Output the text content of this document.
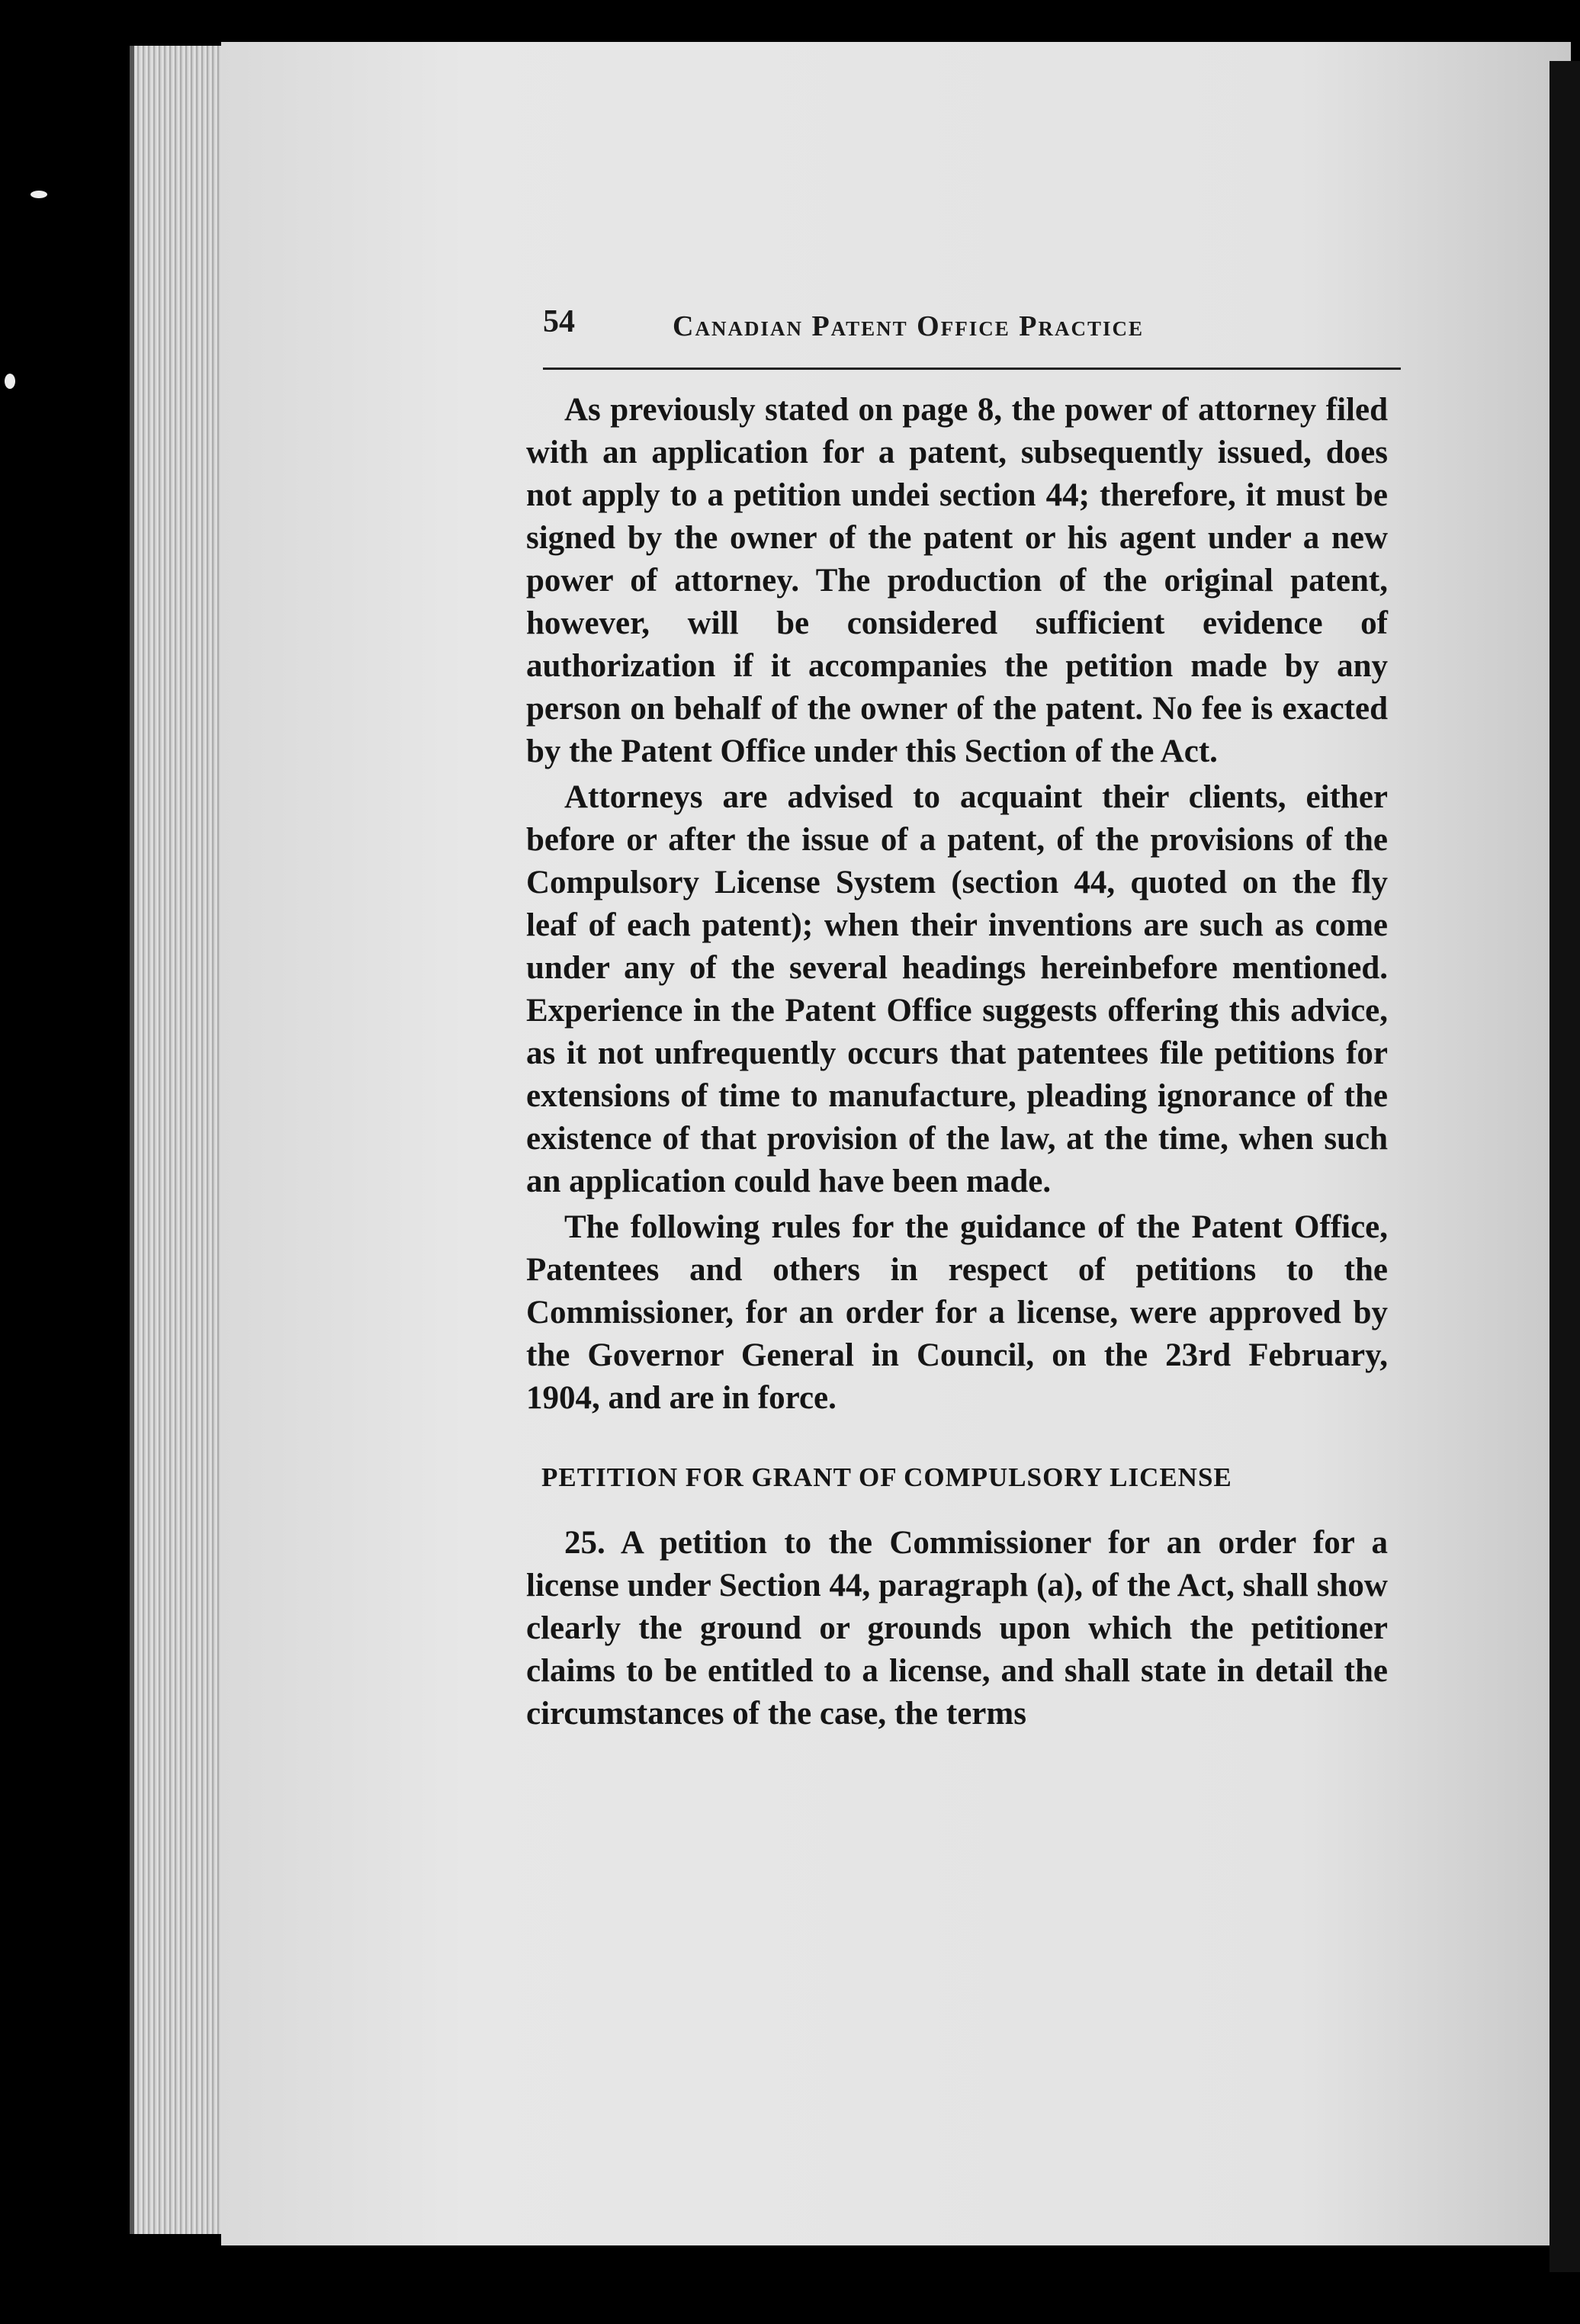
54	Canadian Patent Office Practice

As previously stated on page 8, the power of attorney filed with an application for a patent, subsequently issued, does not apply to a petition undei section 44; therefore, it must be signed by the owner of the patent or his agent under a new power of attorney. The production of the original patent, however, will be considered sufficient evidence of authorization if it accompanies the petition made by any person on behalf of the owner of the patent. No fee is exacted by the Patent Office under this Section of the Act.

Attorneys are advised to acquaint their clients, either before or after the issue of a patent, of the provisions of the Compulsory License System (section 44, quoted on the fly leaf of each patent); when their inventions are such as come under any of the several headings hereinbefore mentioned. Experience in the Patent Office suggests offering this advice, as it not unfrequently occurs that patentees file petitions for extensions of time to manufacture, pleading ignorance of the existence of that provision of the law, at the time, when such an application could have been made.

The following rules for the guidance of the Patent Office, Patentees and others in respect of petitions to the Commissioner, for an order for a license, were approved by the Governor General in Council, on the 23rd February, 1904, and are in force.

PETITION FOR GRANT OF COMPULSORY LICENSE

25. A petition to the Commissioner for an order for a license under Section 44, paragraph (a), of the Act, shall show clearly the ground or grounds upon which the petitioner claims to be entitled to a license, and shall state in detail the circumstances of the case, the terms
